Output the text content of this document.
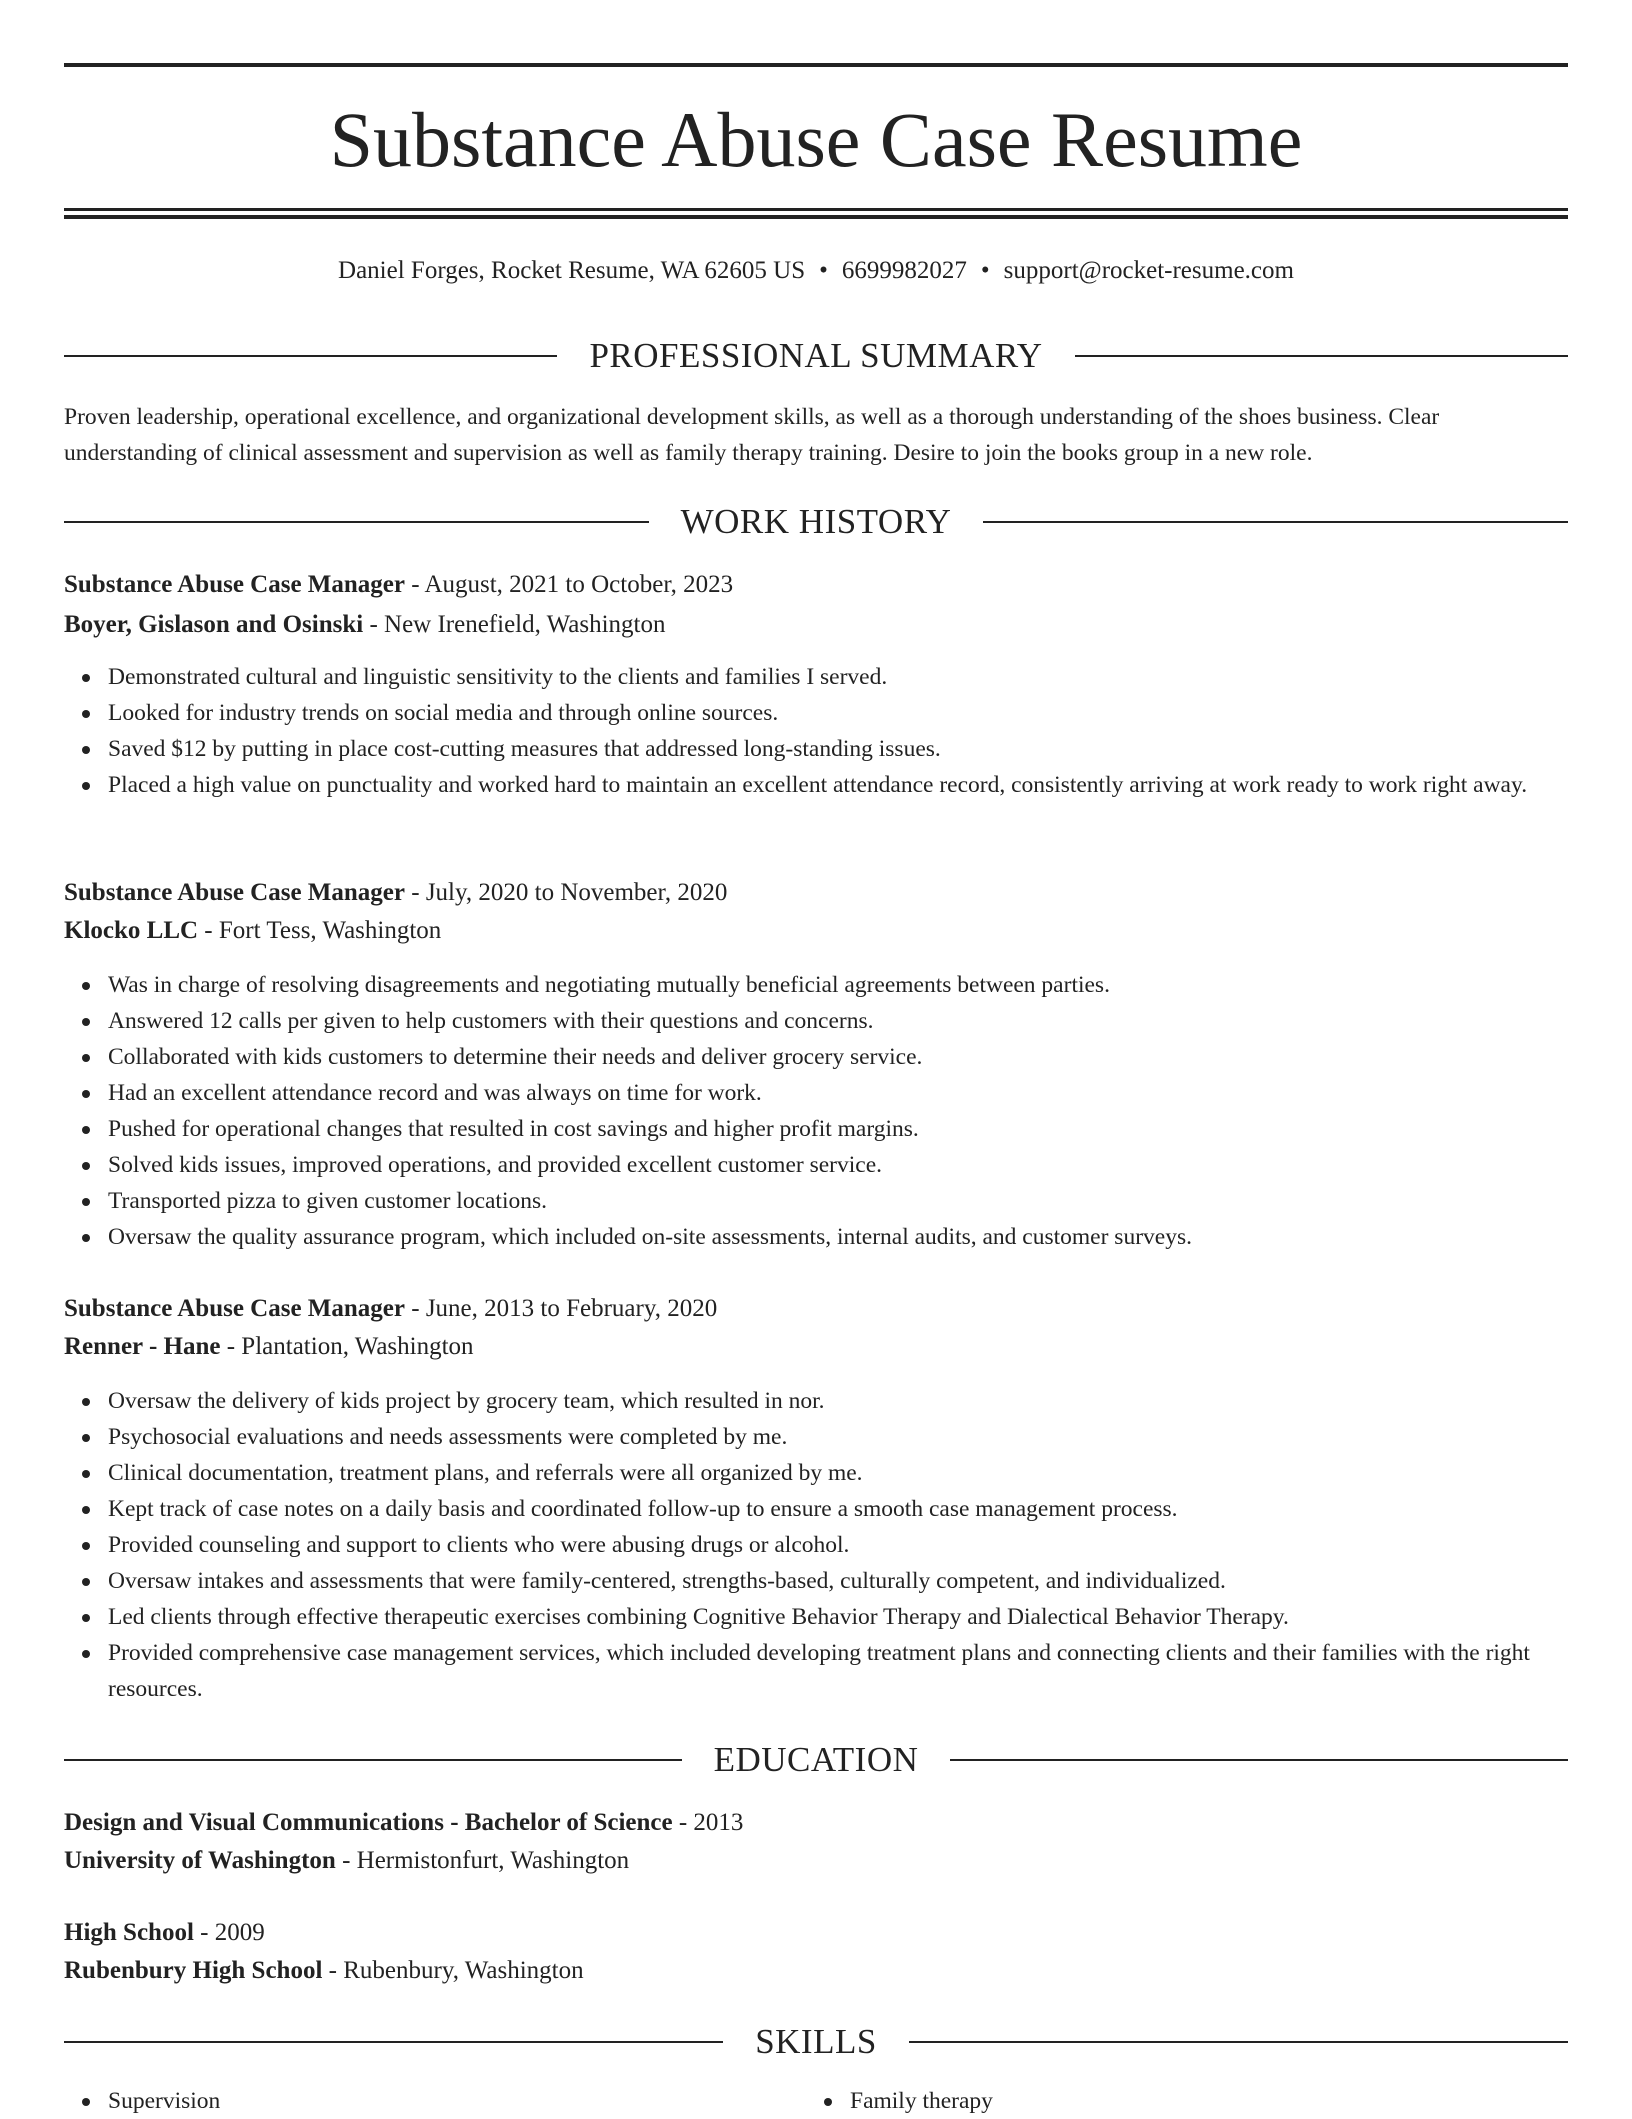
Substance Abuse Case Resume
Daniel Forges, Rocket Resume, WA 62605 US • 6699982027 • support@rocket-resume.com
PROFESSIONAL SUMMARY

Proven leadership, operational excellence, and organizational development skills, as well as a thorough understanding of the shoes business. Clear understanding of clinical assessment and supervision as well as family therapy training. Desire to join the books group in a new role.

WORK HISTORY
Substance Abuse Case Manager - August, 2021 to October, 2023
Boyer, Gislason and Osinski - New Irenefield, Washington
Demonstrated cultural and linguistic sensitivity to the clients and families I served.
Looked for industry trends on social media and through online sources.
Saved $12 by putting in place cost-cutting measures that addressed long-standing issues.
Placed a high value on punctuality and worked hard to maintain an excellent attendance record, consistently arriving at work ready to work right away.
Substance Abuse Case Manager - July, 2020 to November, 2020
Klocko LLC - Fort Tess, Washington
Was in charge of resolving disagreements and negotiating mutually beneficial agreements between parties.
Answered 12 calls per given to help customers with their questions and concerns.
Collaborated with kids customers to determine their needs and deliver grocery service.
Had an excellent attendance record and was always on time for work.
Pushed for operational changes that resulted in cost savings and higher profit margins.
Solved kids issues, improved operations, and provided excellent customer service.
Transported pizza to given customer locations.
Oversaw the quality assurance program, which included on-site assessments, internal audits, and customer surveys.
Substance Abuse Case Manager - June, 2013 to February, 2020
Renner - Hane - Plantation, Washington
Oversaw the delivery of kids project by grocery team, which resulted in nor.
Psychosocial evaluations and needs assessments were completed by me.
Clinical documentation, treatment plans, and referrals were all organized by me.
Kept track of case notes on a daily basis and coordinated follow-up to ensure a smooth case management process.
Provided counseling and support to clients who were abusing drugs or alcohol.
Oversaw intakes and assessments that were family-centered, strengths-based, culturally competent, and individualized.
Led clients through effective therapeutic exercises combining Cognitive Behavior Therapy and Dialectical Behavior Therapy.
Provided comprehensive case management services, which included developing treatment plans and connecting clients and their families with the right resources.
EDUCATION
Design and Visual Communications - Bachelor of Science - 2013
University of Washington - Hermistonfurt, Washington
High School - 2009
Rubenbury High School - Rubenbury, Washington
SKILLS
Supervision	Family therapy
